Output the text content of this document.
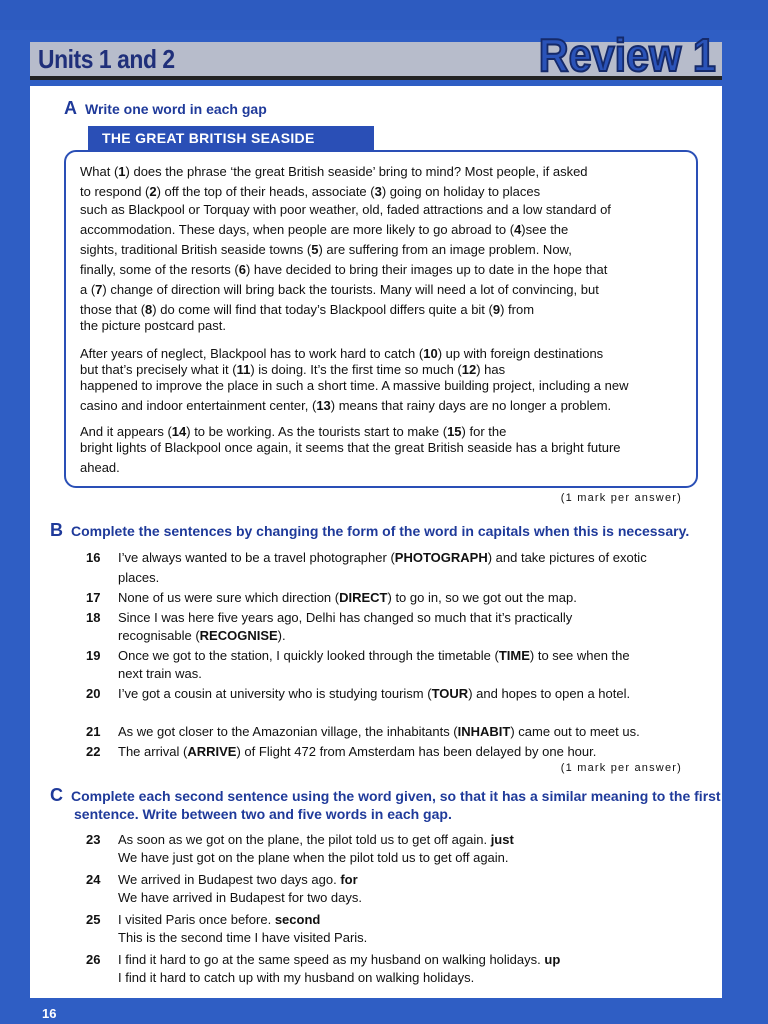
Units 1 and 2	Review 1
A Write one word in each gap
THE GREAT BRITISH SEASIDE
What (1) does the phrase ‘the great British seaside’ bring to mind? Most people, if asked
to respond (2) off the top of their heads, associate (3) going on holiday to places
such as Blackpool or Torquay with poor weather, old, faded attractions and a low standard of
accommodation. These days, when people are more likely to go abroad to (4)see the
sights, traditional British seaside towns (5) are suffering from an image problem. Now,
finally, some of the resorts (6) have decided to bring their images up to date in the hope that
a (7) change of direction will bring back the tourists. Many will need a lot of convincing, but
those that (8) do come will find that today’s Blackpool differs quite a bit (9) from
the picture postcard past.
After years of neglect, Blackpool has to work hard to catch (10) up with foreign destinations
but that’s precisely what it (11) is doing. It’s the first time so much (12) has
happened to improve the place in such a short time. A massive building project, including a new
casino and indoor entertainment center, (13) means that rainy days are no longer a problem.
And it appears (14) to be working. As the tourists start to make (15) for the
bright lights of Blackpool once again, it seems that the great British seaside has a bright future
ahead.
(1 mark per answer)
B Complete the sentences by changing the form of the word in capitals when this is necessary.
16 I’ve always wanted to be a travel photographer (PHOTOGRAPH) and take pictures of exotic
places.
17 None of us were sure which direction (DIRECT) to go in, so we got out the map.
18 Since I was here five years ago, Delhi has changed so much that it’s practically
recognisable (RECOGNISE).
19 Once we got to the station, I quickly looked through the timetable (TIME) to see when the
next train was.
20 I’ve got a cousin at university who is studying tourism (TOUR) and hopes to open a hotel.
21 As we got closer to the Amazonian village, the inhabitants (INHABIT) came out to meet us.
22 The arrival (ARRIVE) of Flight 472 from Amsterdam has been delayed by one hour.
(1 mark per answer)
C Complete each second sentence using the word given, so that it has a similar meaning to the first
sentence. Write between two and five words in each gap.
23 As soon as we got on the plane, the pilot told us to get off again. just
We have just got on the plane when the pilot told us to get off again.
24 We arrived in Budapest two days ago. for
We have arrived in Budapest for two days.
25 I visited Paris once before. second
This is the second time I have visited Paris.
26 I find it hard to go at the same speed as my husband on walking holidays. up
I find it hard to catch up with my husband on walking holidays.
16
